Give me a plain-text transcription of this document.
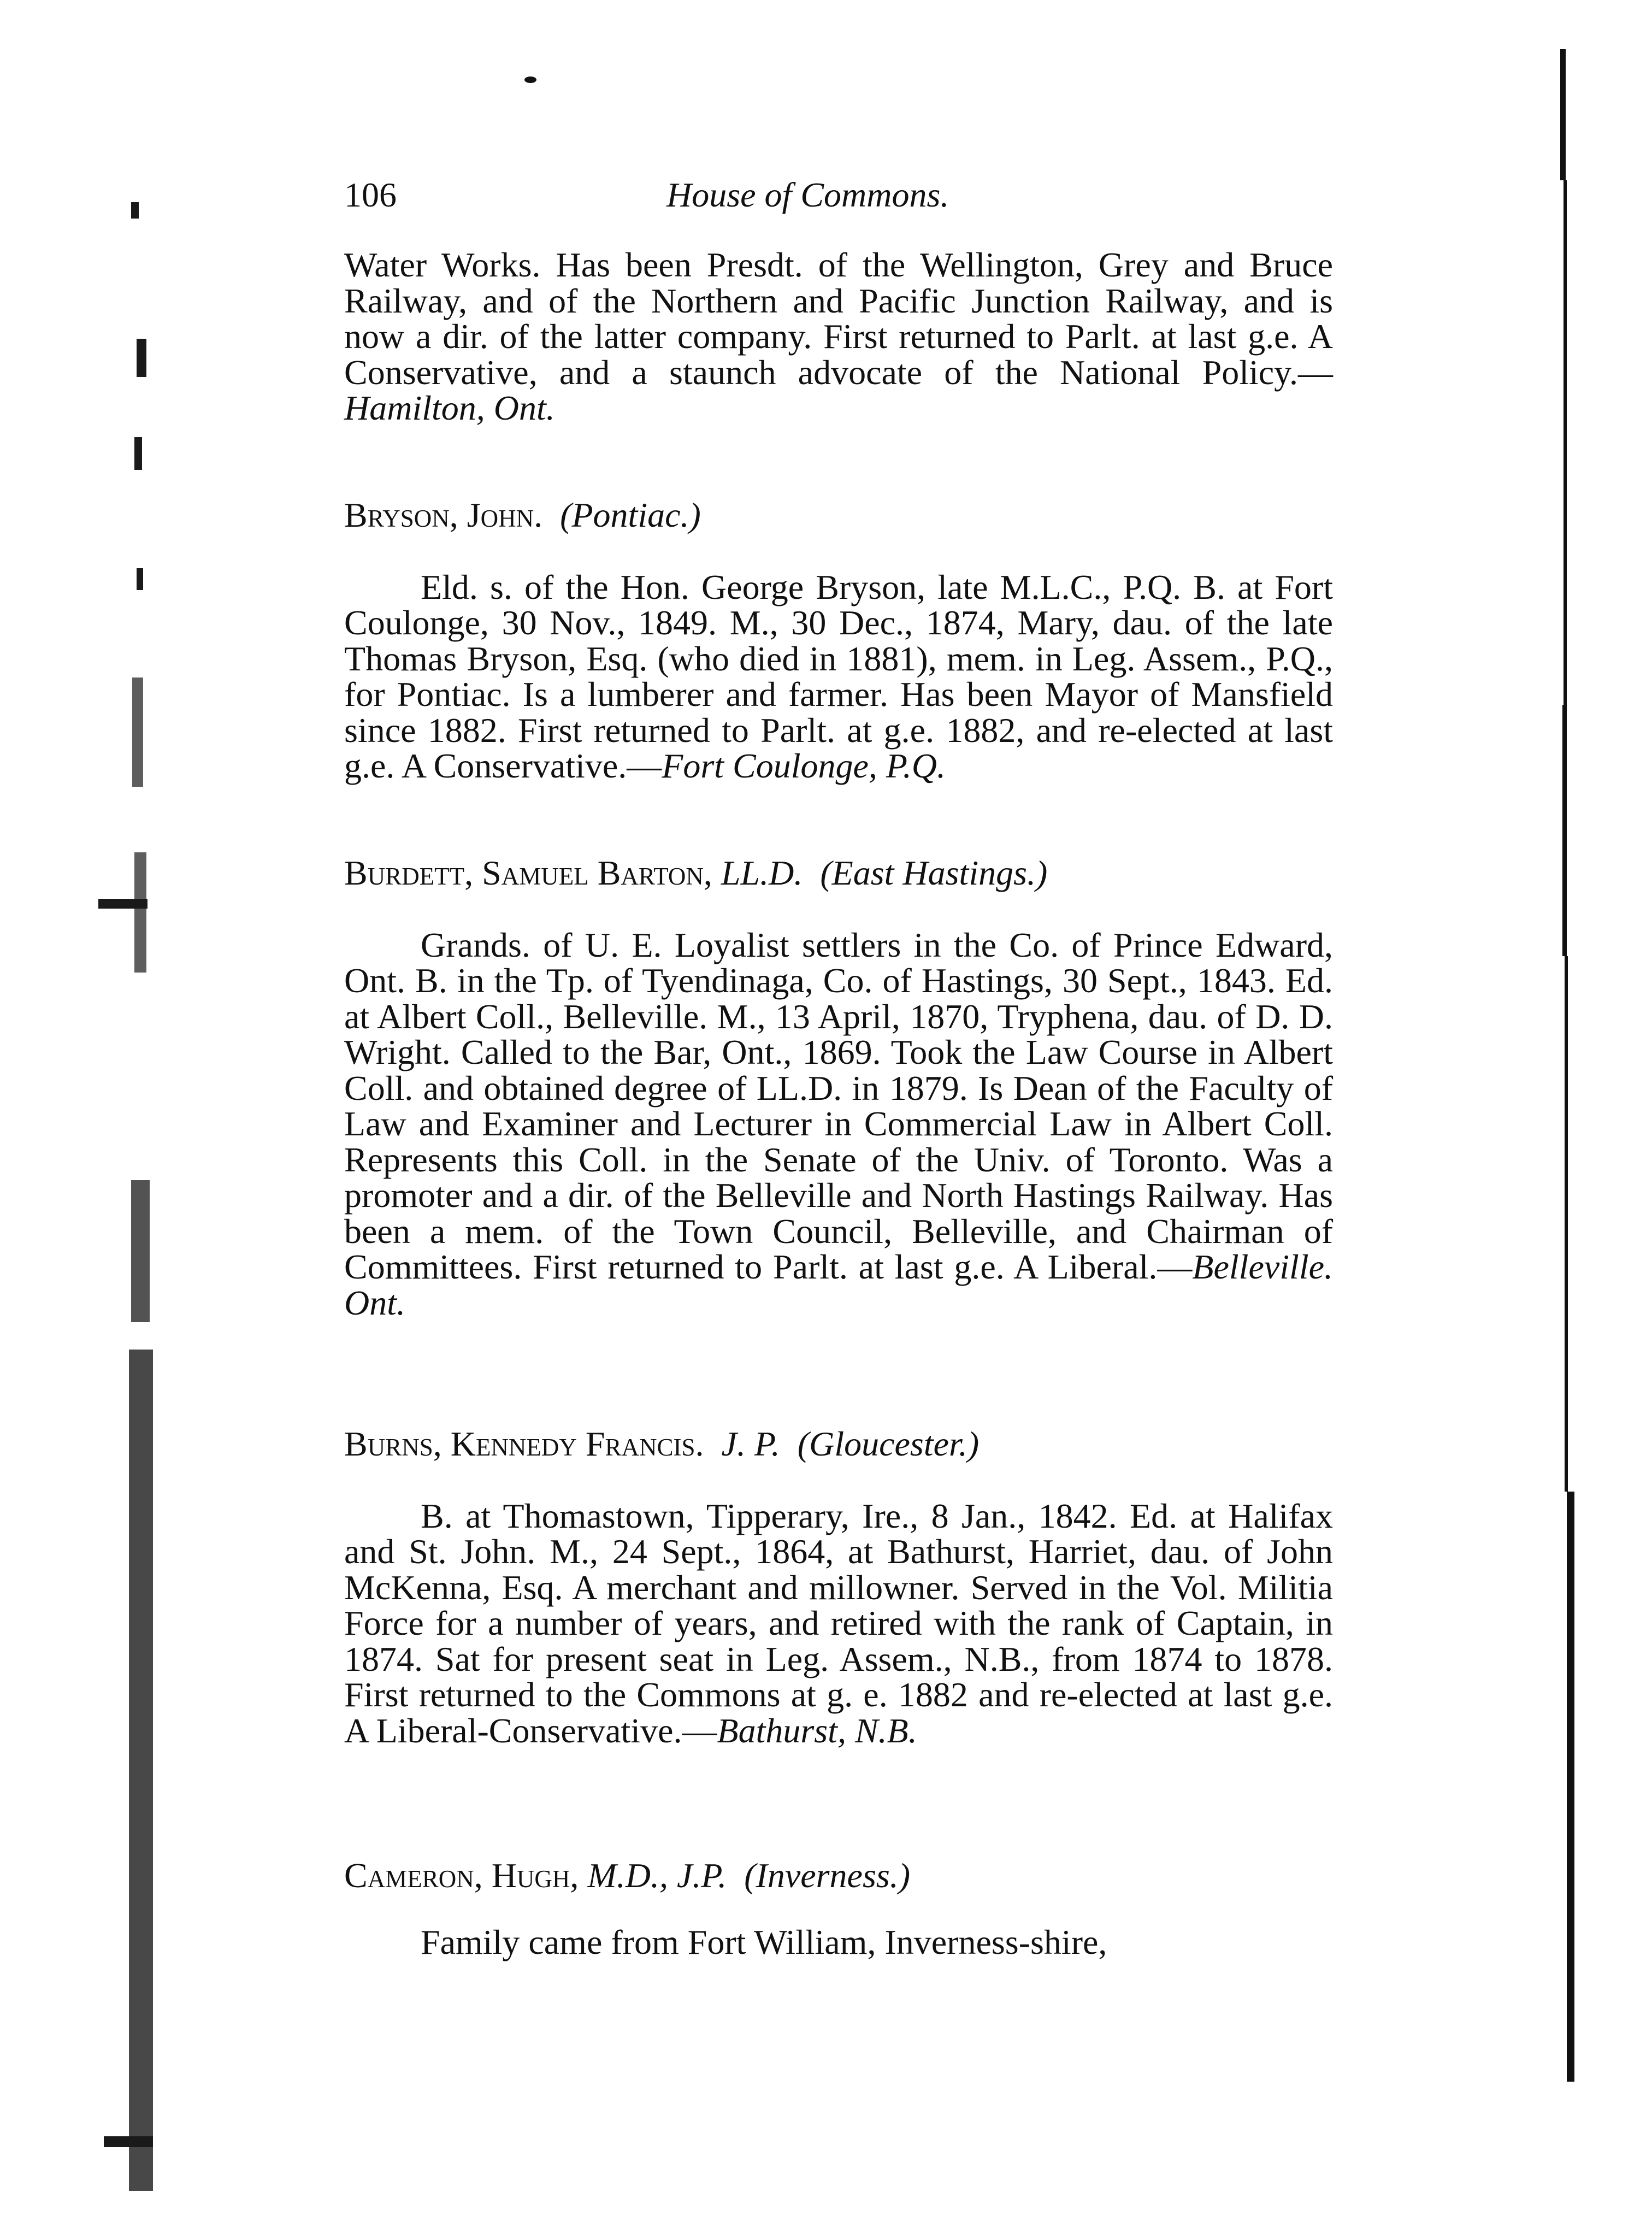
106	House of Commons.

Water Works. Has been Presdt. of the Wellington, Grey and Bruce Railway, and of the Northern and Pacific Junction Railway, and is now a dir. of the latter company. First returned to Parlt. at last g.e. A Conservative, and a staunch advocate of the National Policy.—Hamilton, Ont.

Bryson, John. (Pontiac.)

Eld. s. of the Hon. George Bryson, late M.L.C., P.Q. B. at Fort Coulonge, 30 Nov., 1849. M., 30 Dec., 1874, Mary, dau. of the late Thomas Bryson, Esq. (who died in 1881), mem. in Leg. Assem., P.Q., for Pontiac. Is a lumberer and farmer. Has been Mayor of Mansfield since 1882. First returned to Parlt. at g.e. 1882, and re-elected at last g.e. A Conservative.—Fort Coulonge, P.Q.

Burdett, Samuel Barton, LL.D. (East Hastings.)

Grands. of U. E. Loyalist settlers in the Co. of Prince Edward, Ont. B. in the Tp. of Tyendinaga, Co. of Hastings, 30 Sept., 1843. Ed. at Albert Coll., Belleville. M., 13 April, 1870, Tryphena, dau. of D. D. Wright. Called to the Bar, Ont., 1869. Took the Law Course in Albert Coll. and obtained degree of LL.D. in 1879. Is Dean of the Faculty of Law and Examiner and Lecturer in Commercial Law in Albert Coll. Represents this Coll. in the Senate of the Univ. of Toronto. Was a promoter and a dir. of the Belleville and North Hastings Railway. Has been a mem. of the Town Council, Belleville, and Chairman of Committees. First returned to Parlt. at last g.e. A Liberal.—Belleville. Ont.

Burns, Kennedy Francis. J. P. (Gloucester.)

B. at Thomastown, Tipperary, Ire., 8 Jan., 1842. Ed. at Halifax and St. John. M., 24 Sept., 1864, at Bathurst, Harriet, dau. of John McKenna, Esq. A merchant and millowner. Served in the Vol. Militia Force for a number of years, and retired with the rank of Captain, in 1874. Sat for present seat in Leg. Assem., N.B., from 1874 to 1878. First returned to the Commons at g. e. 1882 and re-elected at last g.e. A Liberal-Conservative.—Bathurst, N.B.

Cameron, Hugh, M.D., J.P. (Inverness.)

Family came from Fort William, Inverness-shire,
